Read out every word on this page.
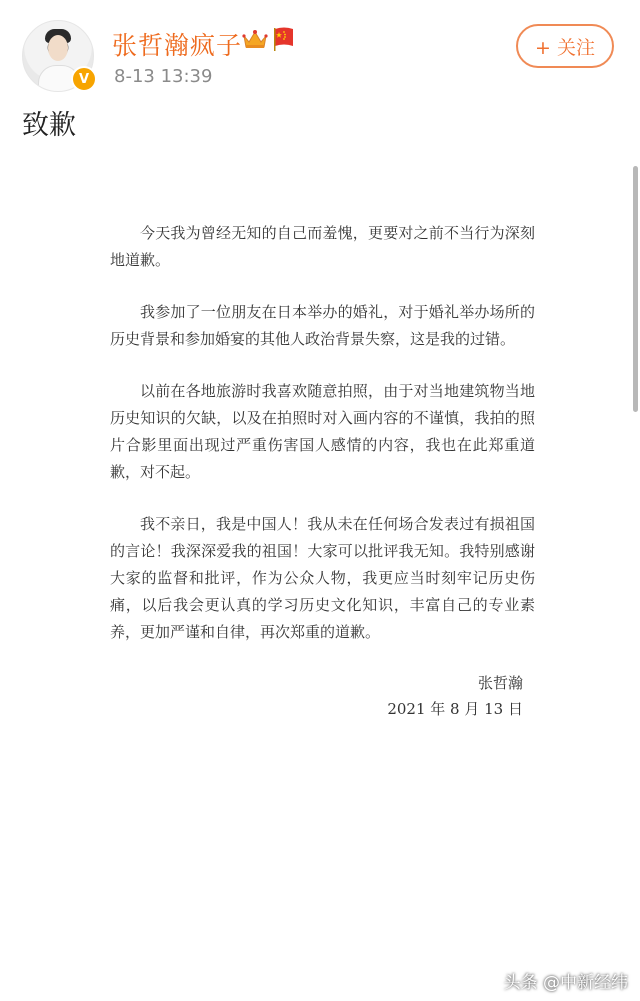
V
张哲瀚疯子
8-13 13:39
+ 关注
致歉

今天我为曾经无知的自己而羞愧，更要对之前不当行为深刻地道歉。

我参加了一位朋友在日本举办的婚礼，对于婚礼举办场所的历史背景和参加婚宴的其他人政治背景失察，这是我的过错。

以前在各地旅游时我喜欢随意拍照，由于对当地建筑物当地历史知识的欠缺，以及在拍照时对入画内容的不谨慎，我拍的照片合影里面出现过严重伤害国人感情的内容，我也在此郑重道歉，对不起。

我不亲日，我是中国人！我从未在任何场合发表过有损祖国的言论！我深深爱我的祖国！大家可以批评我无知。我特别感谢大家的监督和批评，作为公众人物，我更应当时刻牢记历史伤痛，以后我会更认真的学习历史文化知识，丰富自己的专业素养，更加严谨和自律，再次郑重的道歉。

张哲瀚
2021 年 8 月 13 日
头条 @中新经纬
